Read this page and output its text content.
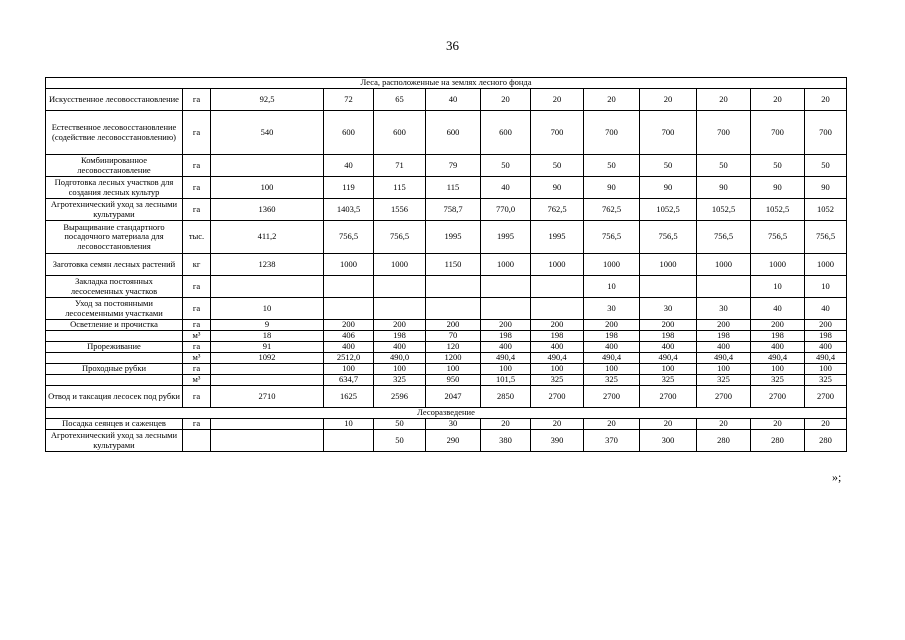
36
Леса, расположенные на землях лесного фонда												
Искусственное лесовосстановление	га	92,5	72	65	40	20	20	20	20	20	20	20
Естественное лесовосстановление (содействие лесовосстановлению)	га	540	600	600	600	600	700	700	700	700	700	700
Комбинированное лесовосстановление	га		40	71	79	50	50	50	50	50	50	50
Подготовка лесных участков для создания лесных культур	га	100	119	115	115	40	90	90	90	90	90	90
Агротехнический уход за лесными культурами	га	1360	1403,5	1556	758,7	770,0	762,5	762,5	1052,5	1052,5	1052,5	1052
Выращивание стандартного посадочного материала для лесовосстановления	тыс.	411,2	756,5	756,5	1995	1995	1995	756,5	756,5	756,5	756,5	756,5
Заготовка семян лесных растений	кг	1238	1000	1000	1150	1000	1000	1000	1000	1000	1000	1000
Закладка постоянных лесосеменных участков	га							10			10	10
Уход за постоянными лесосеменными участками	га	10						30	30	30	40	40
Осветление и прочистка	га	9	200	200	200	200	200	200	200	200	200	200
	м³	18	406	198	70	198	198	198	198	198	198	198
Прореживание	га	91	400	400	120	400	400	400	400	400	400	400
	м³	1092	2512,0	490,0	1200	490,4	490,4	490,4	490,4	490,4	490,4	490,4
Проходные рубки	га		100	100	100	100	100	100	100	100	100	100
	м³		634,7	325	950	101,5	325	325	325	325	325	325
Отвод и таксация лесосек под рубки	га	2710	1625	2596	2047	2850	2700	2700	2700	2700	2700	2700
Лесоразведение												
Посадка сеянцев и саженцев	га		10	50	30	20	20	20	20	20	20	20
Агротехнический уход за лесными культурами				50	290	380	390	370	300	280	280	280
»;
